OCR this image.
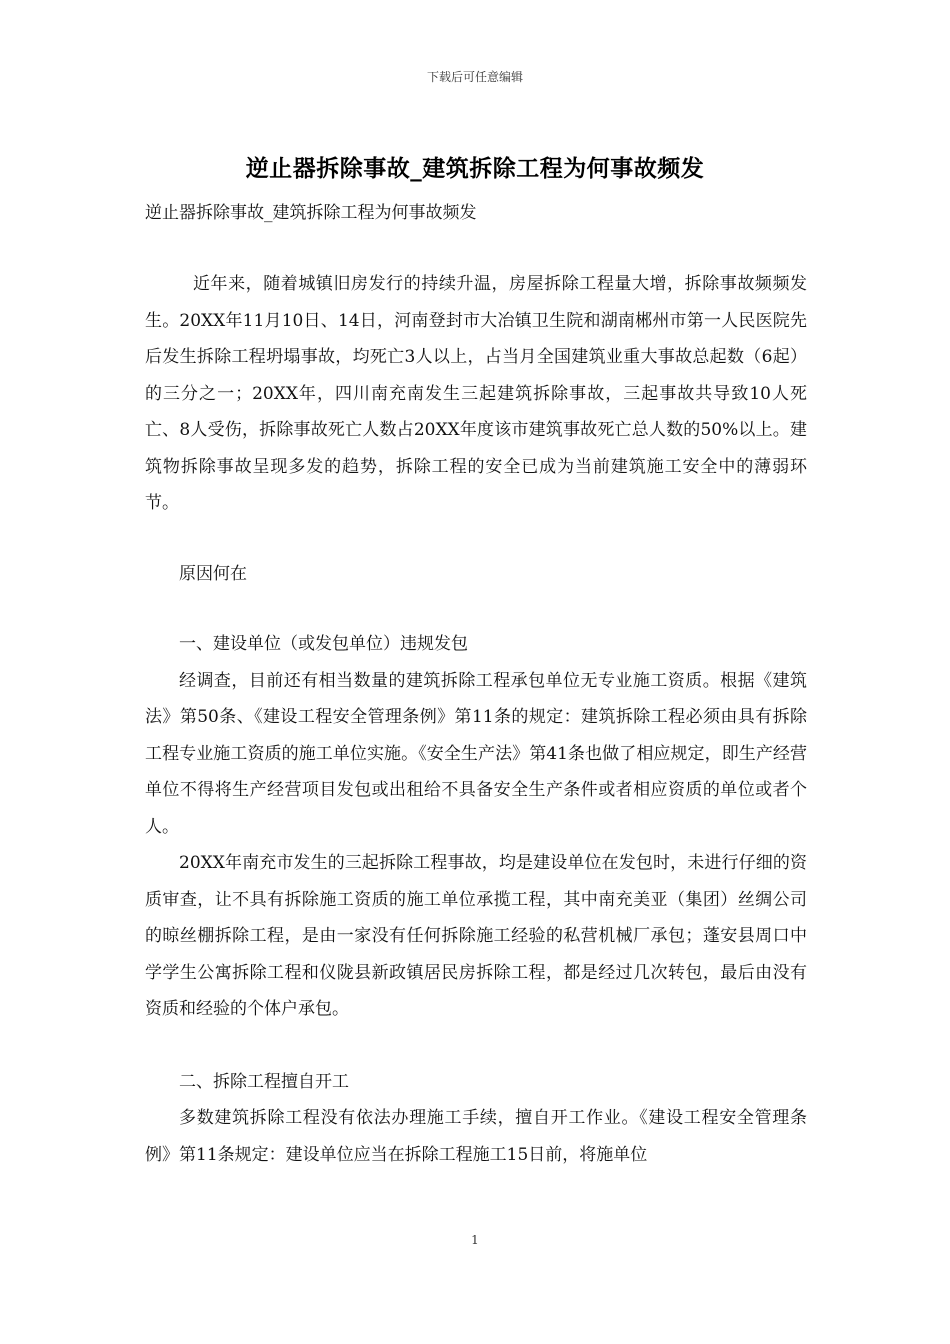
下载后可任意编辑
逆止器拆除事故_建筑拆除工程为何事故频发
逆止器拆除事故_建筑拆除工程为何事故频发

近年来，随着城镇旧房发行的持续升温，房屋拆除工程量大增，拆除事故频频发生。20XX年11月10日、14日，河南登封市大冶镇卫生院和湖南郴州市第一人民医院先后发生拆除工程坍塌事故，均死亡3人以上，占当月全国建筑业重大事故总起数（6起）的三分之一；20XX年，四川南充南发生三起建筑拆除事故，三起事故共导致10人死亡、8人受伤，拆除事故死亡人数占20XX年度该市建筑事故死亡总人数的50%以上。建筑物拆除事故呈现多发的趋势，拆除工程的安全已成为当前建筑施工安全中的薄弱环节。

原因何在

一、建设单位（或发包单位）违规发包

经调查，目前还有相当数量的建筑拆除工程承包单位无专业施工资质。根据《建筑法》第50条、《建设工程安全管理条例》第11条的规定：建筑拆除工程必须由具有拆除工程专业施工资质的施工单位实施。《安全生产法》第41条也做了相应规定，即生产经营单位不得将生产经营项目发包或出租给不具备安全生产条件或者相应资质的单位或者个人。

20XX年南充市发生的三起拆除工程事故，均是建设单位在发包时，未进行仔细的资质审查，让不具有拆除施工资质的施工单位承揽工程，其中南充美亚（集团）丝绸公司的晾丝棚拆除工程，是由一家没有任何拆除施工经验的私营机械厂承包；蓬安县周口中学学生公寓拆除工程和仪陇县新政镇居民房拆除工程，都是经过几次转包，最后由没有资质和经验的个体户承包。

二、拆除工程擅自开工

多数建筑拆除工程没有依法办理施工手续，擅自开工作业。《建设工程安全管理条例》第11条规定：建设单位应当在拆除工程施工15日前，将施单位

1
